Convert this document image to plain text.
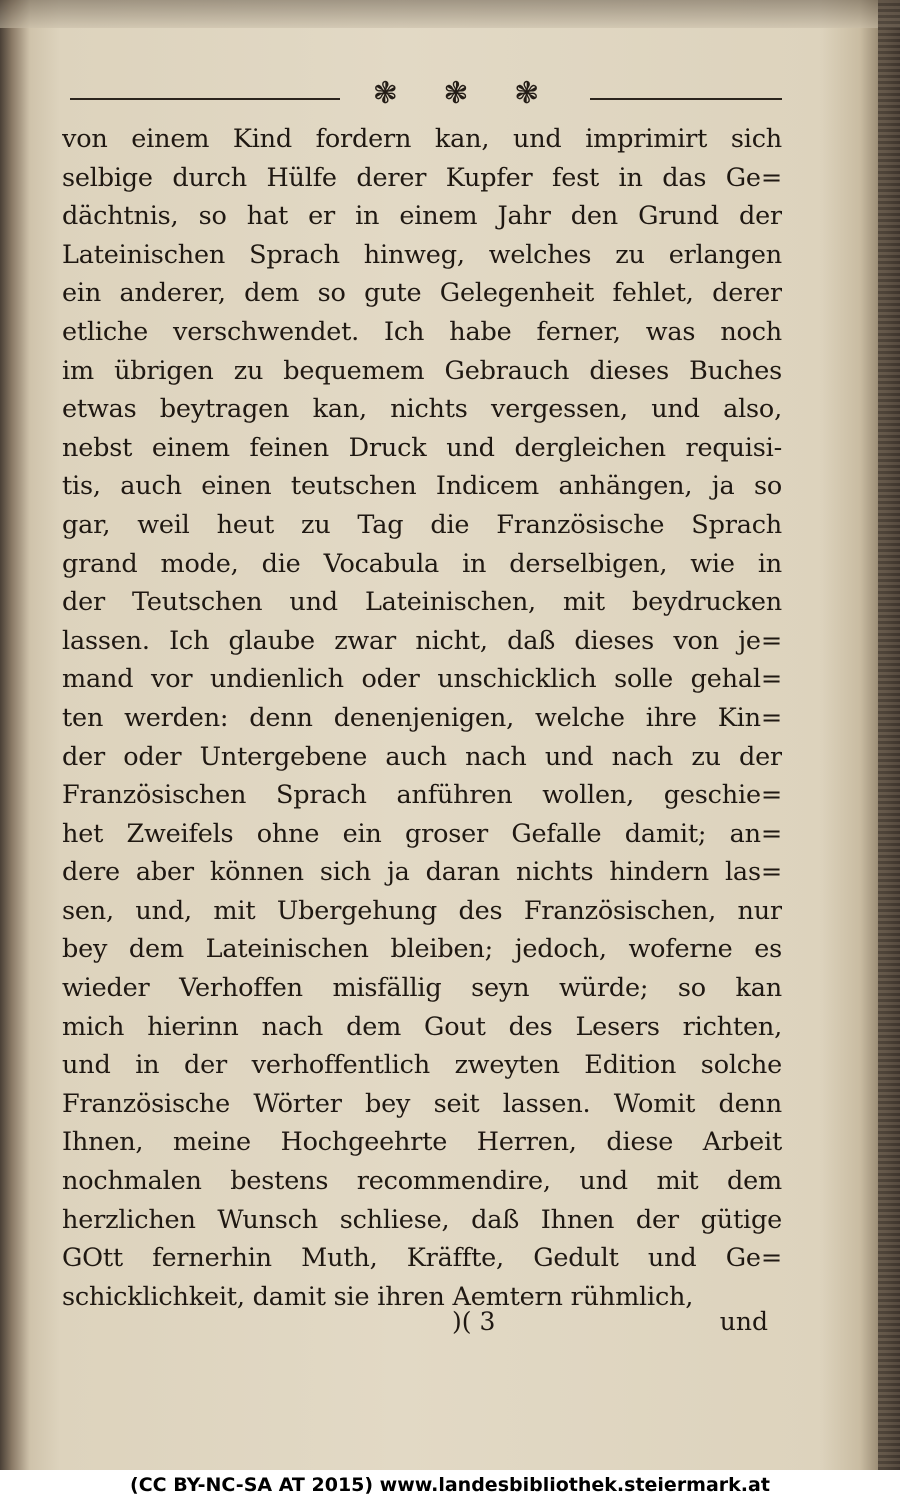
❃ ❃ ❃
von einem Kind fordern kan, und imprimirt sich
selbige durch Hülfe derer Kupfer fest in das Ge=
dächtnis, so hat er in einem Jahr den Grund der
Lateinischen Sprach hinweg, welches zu erlangen
ein anderer, dem so gute Gelegenheit fehlet, derer
etliche verschwendet. Ich habe ferner, was noch
im übrigen zu bequemem Gebrauch dieses Buches
etwas beytragen kan, nichts vergessen, und also,
nebst einem feinen Druck und dergleichen requisi-
tis, auch einen teutschen Indicem anhängen, ja so
gar, weil heut zu Tag die Französische Sprach
grand mode, die Vocabula in derselbigen, wie in
der Teutschen und Lateinischen, mit beydrucken
lassen. Ich glaube zwar nicht, daß dieses von je=
mand vor undienlich oder unschicklich solle gehal=
ten werden: denn denenjenigen, welche ihre Kin=
der oder Untergebene auch nach und nach zu der
Französischen Sprach anführen wollen, geschie=
het Zweifels ohne ein groser Gefalle damit; an=
dere aber können sich ja daran nichts hindern las=
sen, und, mit Ubergehung des Französischen, nur
bey dem Lateinischen bleiben; jedoch, woferne es
wieder Verhoffen misfällig seyn würde; so kan
mich hierinn nach dem Gout des Lesers richten,
und in der verhoffentlich zweyten Edition solche
Französische Wörter bey seit lassen. Womit denn
Ihnen, meine Hochgeehrte Herren, diese Arbeit
nochmalen bestens recommendire, und mit dem
herzlichen Wunsch schliese, daß Ihnen der gütige
GOtt fernerhin Muth, Kräffte, Gedult und Ge=
schicklichkeit, damit sie ihren Aemtern rühmlich,
)( 3	und
(CC BY-NC-SA AT 2015) www.landesbibliothek.steiermark.at
